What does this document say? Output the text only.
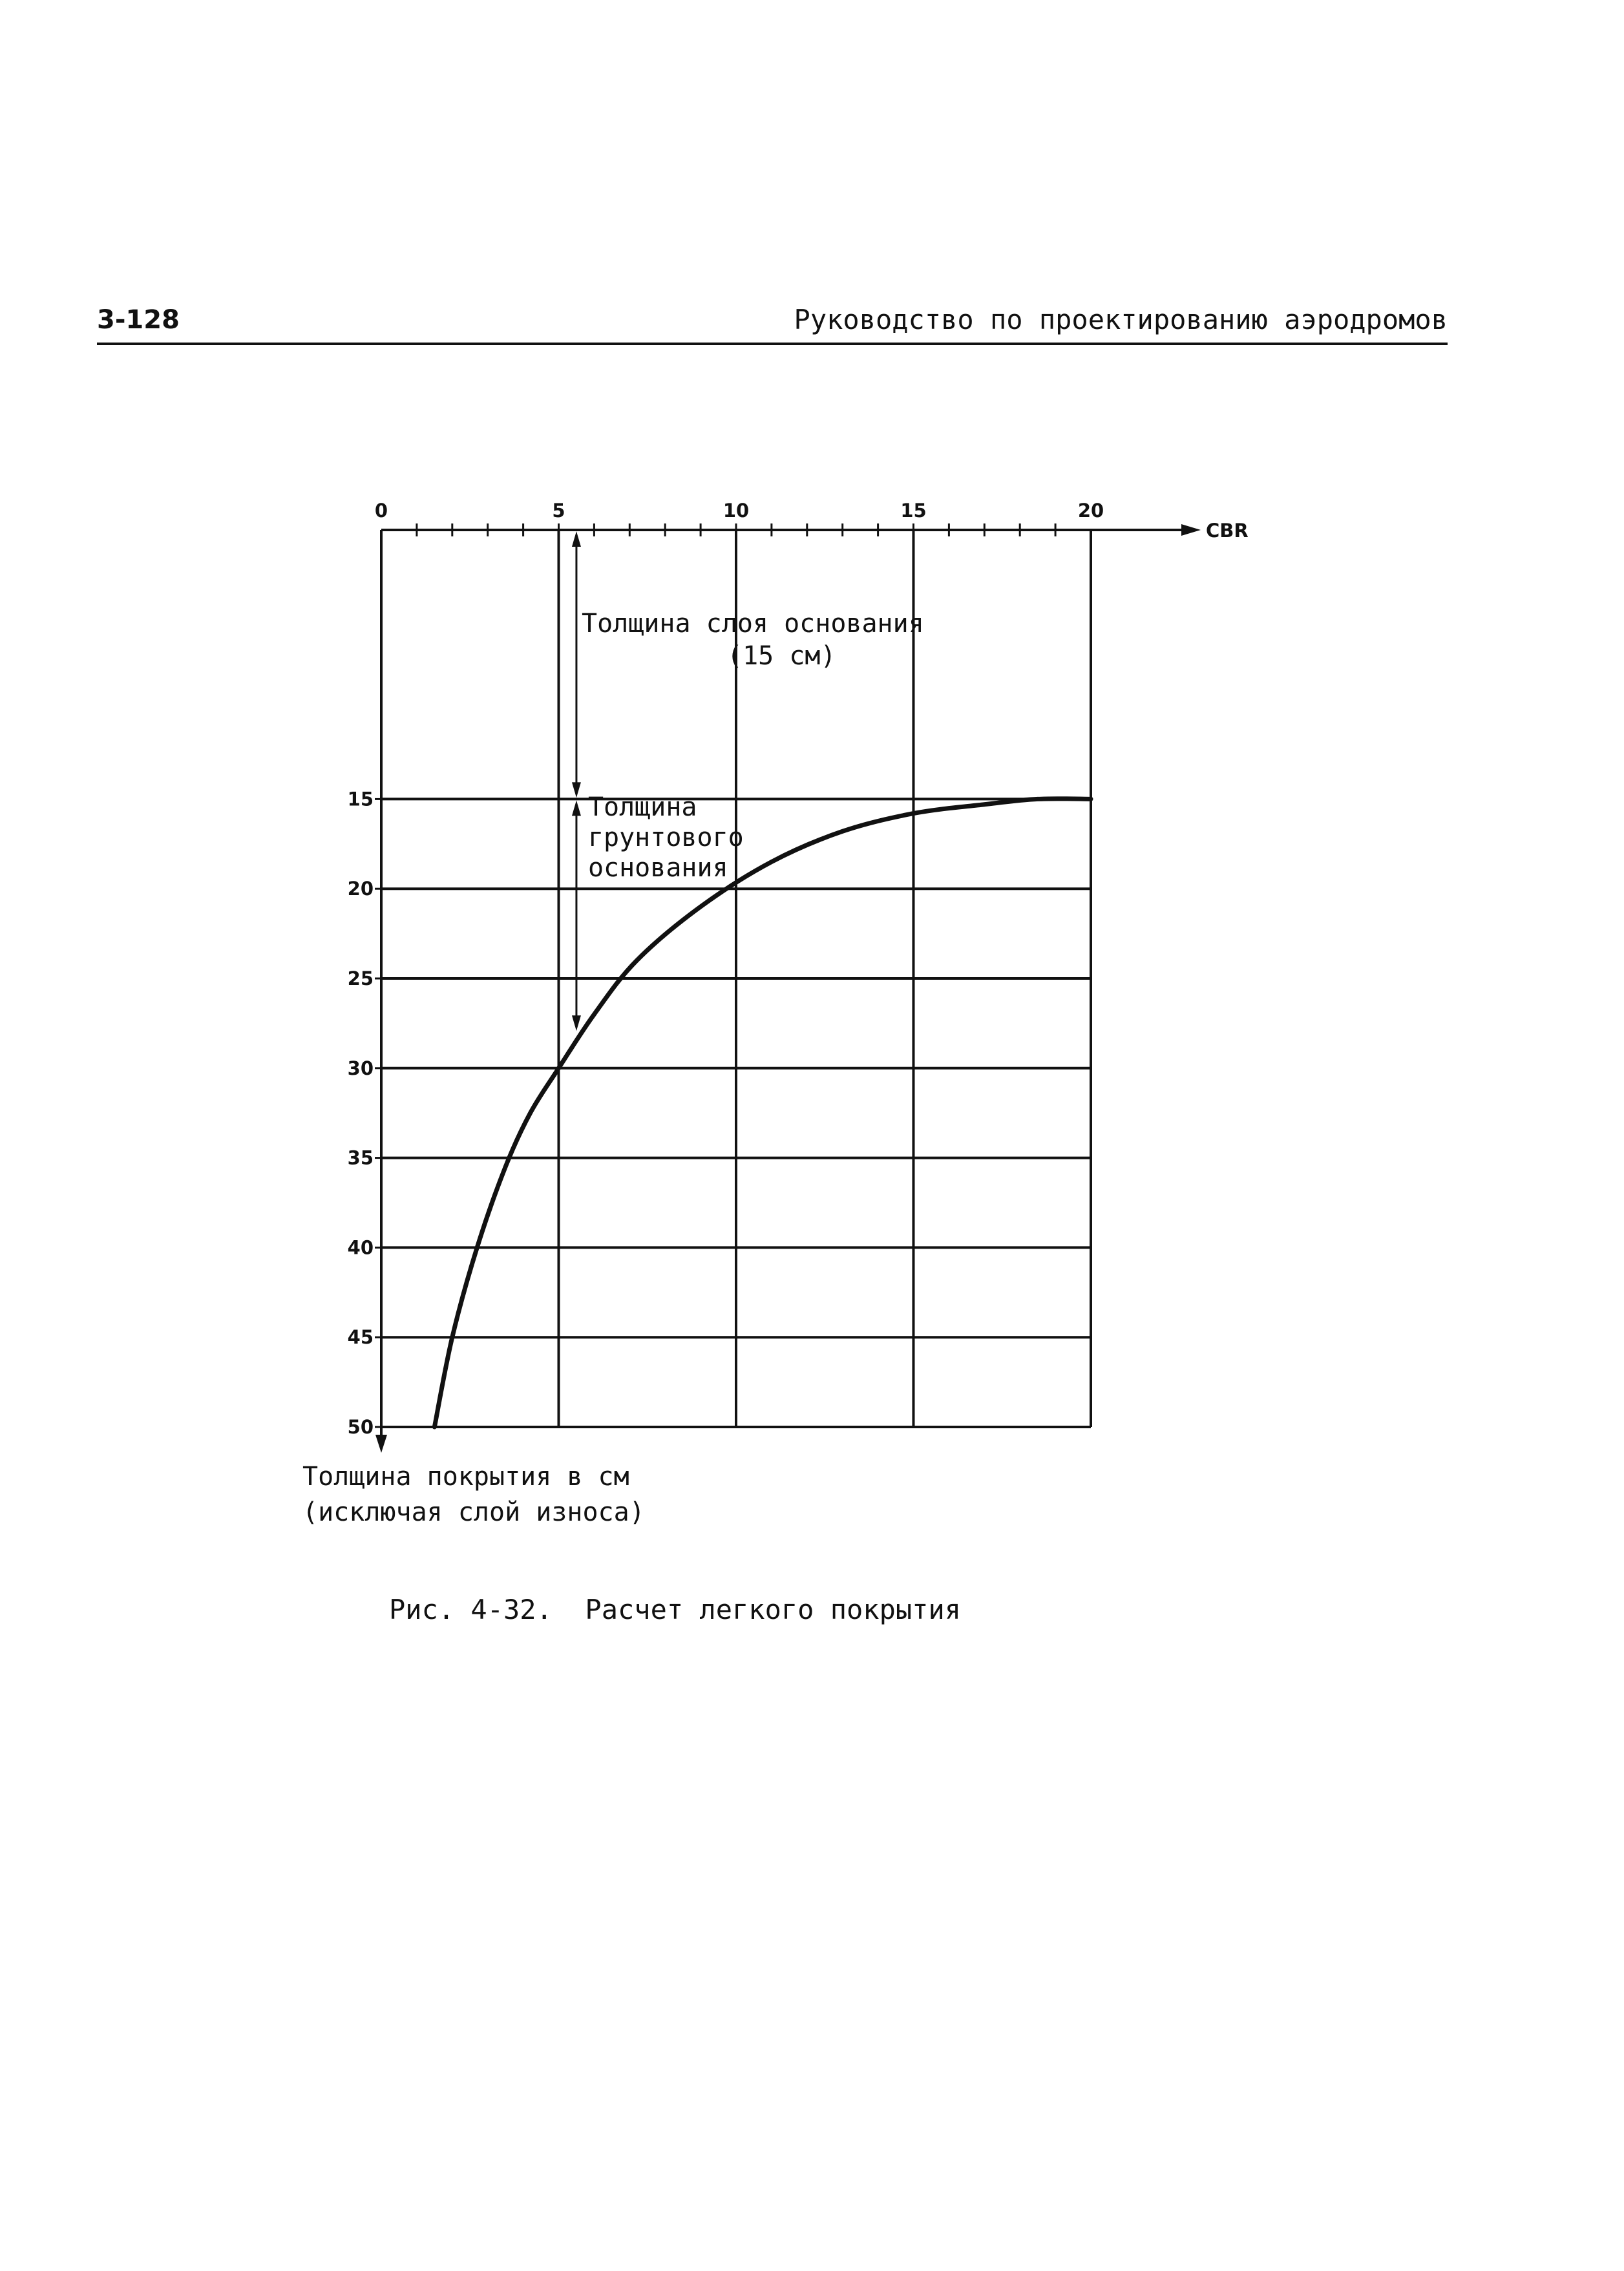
3-128	Руководство по проектированию аэродромов
CBR
0	5	10	15	20
15
20
25
30
35
40
45
50
Толщина покрытия в см
(исключая слой износа)
Толщина слоя основания
(15 см)
Толщина
грунтового
основания
Рис. 4-32.  Расчет легкого покрытия
